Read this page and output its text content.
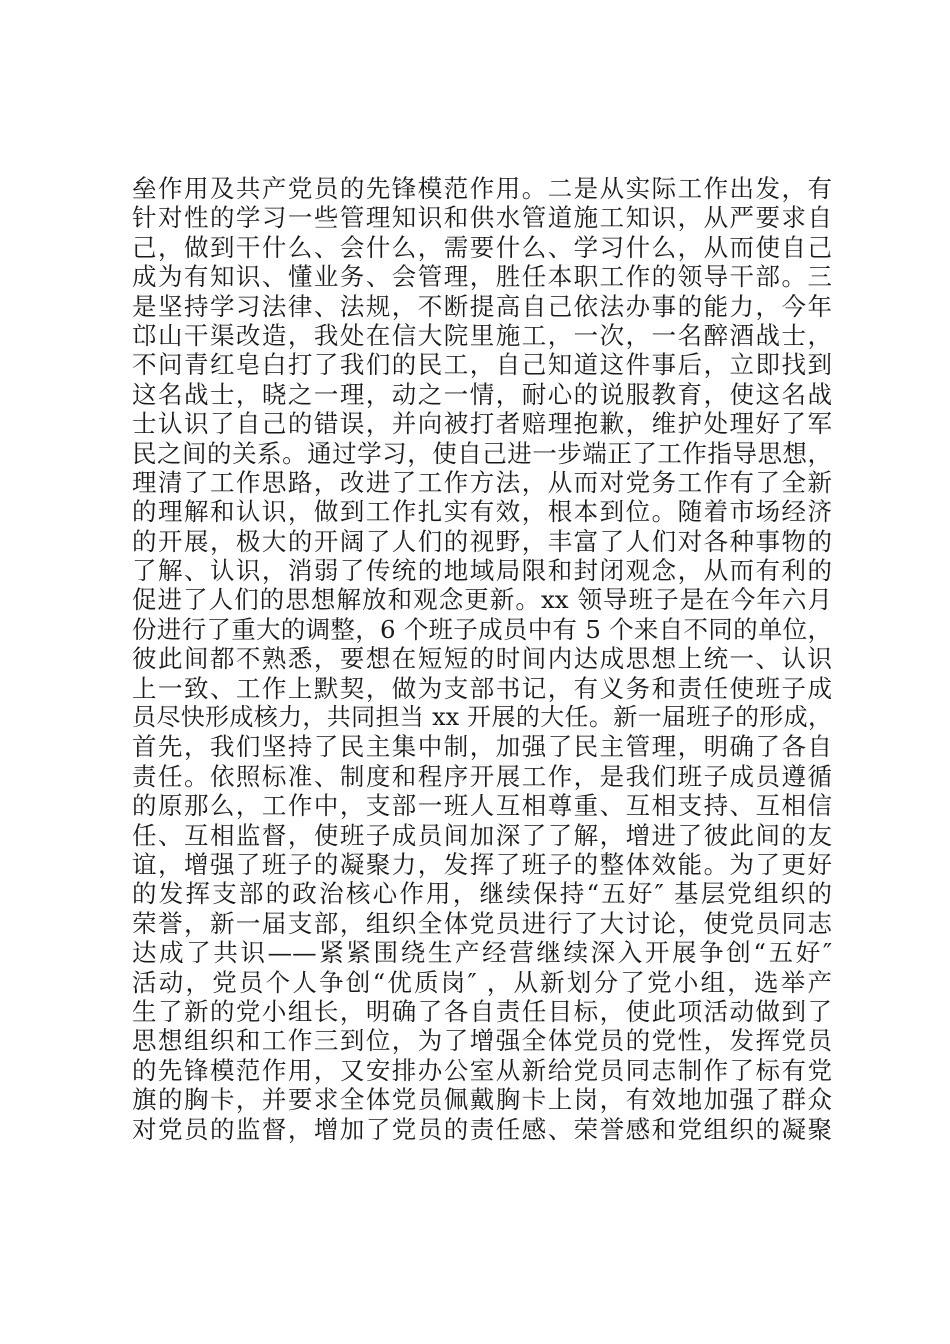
垒作用及共产党员的先锋模范作用。二是从实际工作出发，有
针对性的学习一些管理知识和供水管道施工知识，从严要求自
己，做到干什么、会什么，需要什么、学习什么，从而使自己
成为有知识、懂业务、会管理，胜任本职工作的领导干部。三
是坚持学习法律、法规，不断提高自己依法办事的能力，今年
邙山干渠改造，我处在信大院里施工，一次，一名醉酒战士，
不问青红皂白打了我们的民工，自己知道这件事后，立即找到
这名战士，晓之一理，动之一情，耐心的说服教育，使这名战
士认识了自己的错误，并向被打者赔理抱歉，维护处理好了军
民之间的关系。通过学习，使自己进一步端正了工作指导思想，
理清了工作思路，改进了工作方法，从而对党务工作有了全新
的理解和认识，做到工作扎实有效，根本到位。随着市场经济
的开展，极大的开阔了人们的视野，丰富了人们对各种事物的
了解、认识，消弱了传统的地域局限和封闭观念，从而有利的
促进了人们的思想解放和观念更新。xx 领导班子是在今年六月
份进行了重大的调整，6 个班子成员中有 5 个来自不同的单位，
彼此间都不熟悉，要想在短短的时间内达成思想上统一、认识
上一致、工作上默契，做为支部书记，有义务和责任使班子成
员尽快形成核力，共同担当 xx 开展的大任。新一届班子的形成，
首先，我们坚持了民主集中制，加强了民主管理，明确了各自
责任。依照标准、制度和程序开展工作，是我们班子成员遵循
的原那么，工作中，支部一班人互相尊重、互相支持、互相信
任、互相监督，使班子成员间加深了了解，增进了彼此间的友
谊，增强了班子的凝聚力，发挥了班子的整体效能。为了更好
的发挥支部的政治核心作用，继续保持“五好″ 基层党组织的
荣誉，新一届支部，组织全体党员进行了大讨论，使党员同志
达成了共识——紧紧围绕生产经营继续深入开展争创“五好″
活动，党员个人争创“优质岗″ ，从新划分了党小组，选举产
生了新的党小组长，明确了各自责任目标，使此项活动做到了
思想组织和工作三到位，为了增强全体党员的党性，发挥党员
的先锋模范作用，又安排办公室从新给党员同志制作了标有党
旗的胸卡，并要求全体党员佩戴胸卡上岗，有效地加强了群众
对党员的监督，增加了党员的责任感、荣誉感和党组织的凝聚
